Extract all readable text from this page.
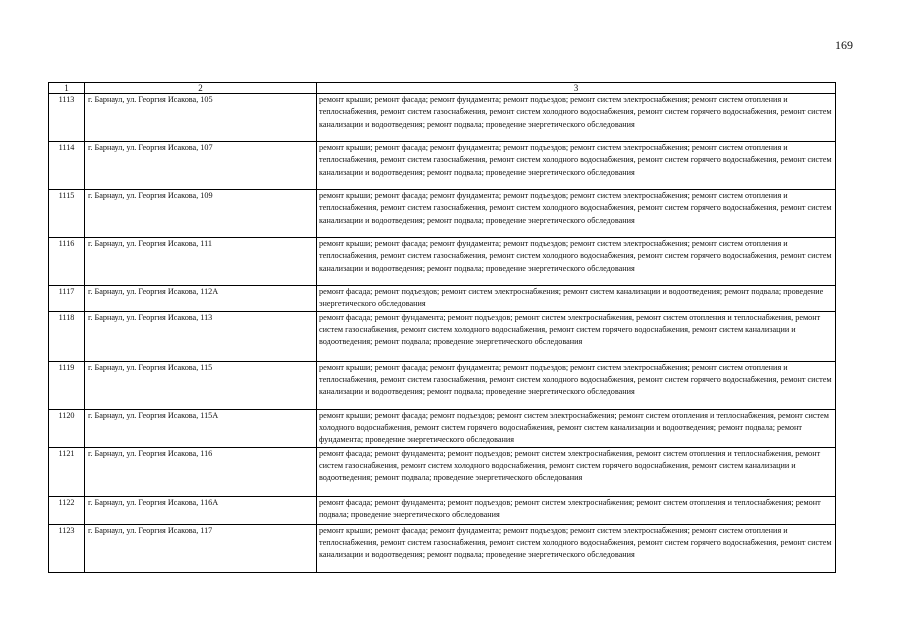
169
1	2	3
1113	г. Барнаул, ул. Георгия Исакова, 105	ремонт крыши; ремонт фасада; ремонт фундамента; ремонт подъездов; ремонт систем электроснабжения; ремонт систем отопления и теплоснабжения, ремонт систем газоснабжения, ремонт систем холодного водоснабжения, ремонт систем горячего водоснабжения, ремонт систем канализации и водоотведения; ремонт подвала; проведение энергетического обследования
1114	г. Барнаул, ул. Георгия Исакова, 107	ремонт крыши; ремонт фасада; ремонт фундамента; ремонт подъездов; ремонт систем электроснабжения; ремонт систем отопления и теплоснабжения, ремонт систем газоснабжения, ремонт систем холодного водоснабжения, ремонт систем горячего водоснабжения, ремонт систем канализации и водоотведения; ремонт подвала; проведение энергетического обследования
1115	г. Барнаул, ул. Георгия Исакова, 109	ремонт крыши; ремонт фасада; ремонт фундамента; ремонт подъездов; ремонт систем электроснабжения; ремонт систем отопления и теплоснабжения, ремонт систем газоснабжения, ремонт систем холодного водоснабжения, ремонт систем горячего водоснабжения, ремонт систем канализации и водоотведения; ремонт подвала; проведение энергетического обследования
1116	г. Барнаул, ул. Георгия Исакова, 111	ремонт крыши; ремонт фасада; ремонт фундамента; ремонт подъездов; ремонт систем электроснабжения; ремонт систем отопления и теплоснабжения, ремонт систем газоснабжения, ремонт систем холодного водоснабжения, ремонт систем горячего водоснабжения, ремонт систем канализации и водоотведения; ремонт подвала; проведение энергетического обследования
1117	г. Барнаул, ул. Георгия Исакова, 112А	ремонт фасада; ремонт подъездов; ремонт систем электроснабжения; ремонт систем канализации и водоотведения; ремонт подвала; проведение энергетического обследования
1118	г. Барнаул, ул. Георгия Исакова, 113	ремонт фасада; ремонт фундамента; ремонт подъездов; ремонт систем электроснабжения, ремонт систем отопления и теплоснабжения, ремонт систем газоснабжения, ремонт систем холодного водоснабжения, ремонт систем горячего водоснабжения, ремонт систем канализации и водоотведения; ремонт подвала; проведение энергетического обследования
1119	г. Барнаул, ул. Георгия Исакова, 115	ремонт крыши; ремонт фасада; ремонт фундамента; ремонт подъездов; ремонт систем электроснабжения; ремонт систем отопления и теплоснабжения, ремонт систем газоснабжения, ремонт систем холодного водоснабжения, ремонт систем горячего водоснабжения, ремонт систем канализации и водоотведения; ремонт подвала; проведение энергетического обследования
1120	г. Барнаул, ул. Георгия Исакова, 115А	ремонт крыши; ремонт фасада; ремонт подъездов; ремонт систем электроснабжения; ремонт систем отопления и теплоснабжения, ремонт систем холодного водоснабжения, ремонт систем горячего водоснабжения, ремонт систем канализации и водоотведения; ремонт подвала; ремонт фундамента; проведение энергетического обследования
1121	г. Барнаул, ул. Георгия Исакова, 116	ремонт фасада; ремонт фундамента; ремонт подъездов; ремонт систем электроснабжения, ремонт систем отопления и теплоснабжения, ремонт систем газоснабжения, ремонт систем холодного водоснабжения, ремонт систем горячего водоснабжения, ремонт систем канализации и водоотведения; ремонт подвала; проведение энергетического обследования
1122	г. Барнаул, ул. Георгия Исакова, 116А	ремонт фасада; ремонт фундамента; ремонт подъездов; ремонт систем электроснабжения; ремонт систем отопления и теплоснабжения; ремонт подвала; проведение энергетического обследования
1123	г. Барнаул, ул. Георгия Исакова, 117	ремонт крыши; ремонт фасада; ремонт фундамента; ремонт подъездов; ремонт систем электроснабжения; ремонт систем отопления и теплоснабжения, ремонт систем газоснабжения, ремонт систем холодного водоснабжения, ремонт систем горячего водоснабжения, ремонт систем канализации и водоотведения; ремонт подвала; проведение энергетического обследования
